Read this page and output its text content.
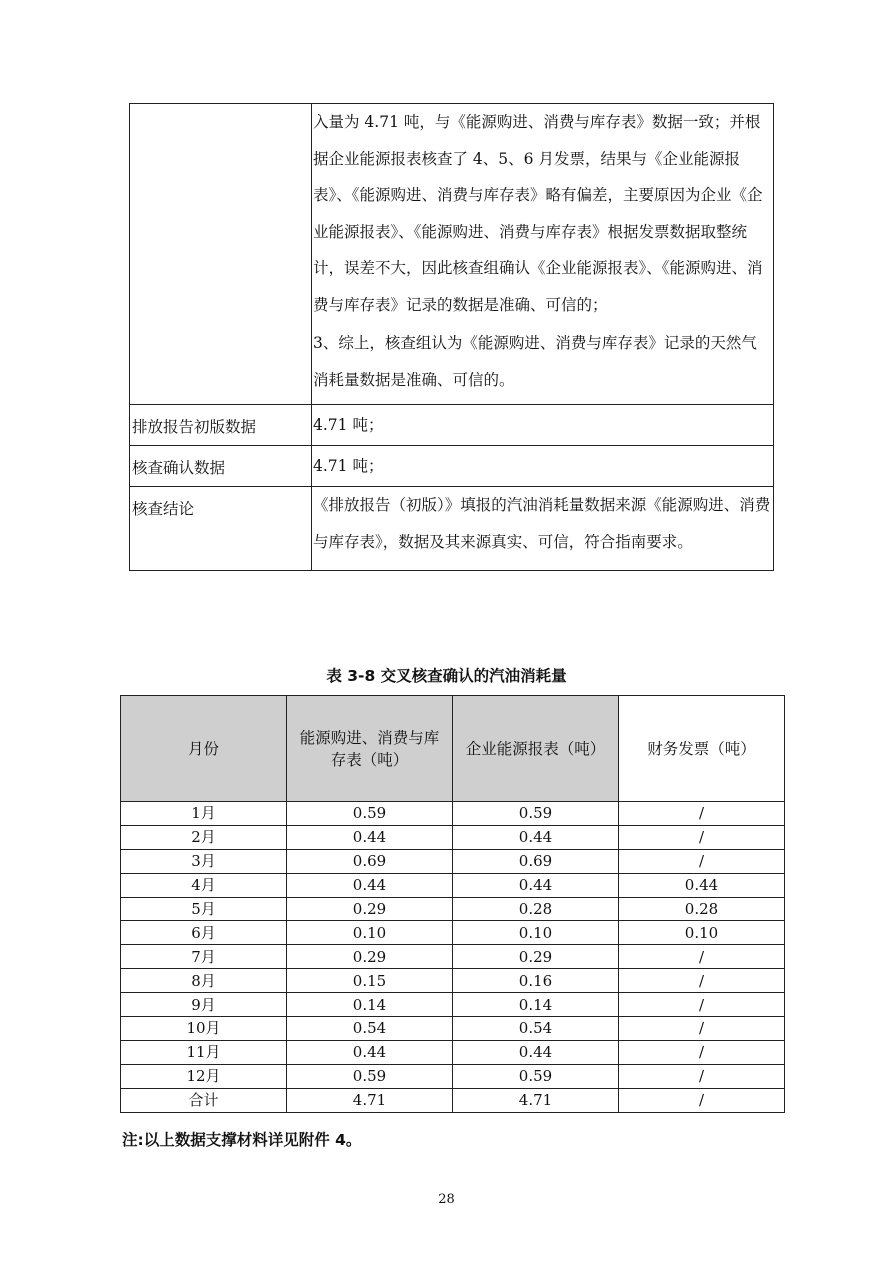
	入量为 4.71 吨，与《能源购进、消费与库存表》数据一致；并根据企业能源报表核查了 4、5、6 月发票，结果与《企业能源报表》、《能源购进、消费与库存表》略有偏差，主要原因为企业《企业能源报表》、《能源购进、消费与库存表》根据发票数据取整统计，误差不大，因此核查组确认《企业能源报表》、《能源购进、消费与库存表》记录的数据是准确、可信的；

3、综上，核查组认为《能源购进、消费与库存表》记录的天然气消耗量数据是准确、可信的。

排放报告初版数据	4.71 吨；
核查确认数据	4.71 吨；
核查结论	《排放报告（初版）》填报的汽油消耗量数据来源《能源购进、消费与库存表》，数据及其来源真实、可信，符合指南要求。

表 3-8 交叉核查确认的汽油消耗量
月份	能源购进、消费与库存表（吨）	企业能源报表（吨）	财务发票（吨）
1月	0.59	0.59	/
2月	0.44	0.44	/
3月	0.69	0.69	/
4月	0.44	0.44	0.44
5月	0.29	0.28	0.28
6月	0.10	0.10	0.10
7月	0.29	0.29	/
8月	0.15	0.16	/
9月	0.14	0.14	/
10月	0.54	0.54	/
11月	0.44	0.44	/
12月	0.59	0.59	/
合计	4.71	4.71	/
注:以上数据支撑材料详见附件 4。
28
